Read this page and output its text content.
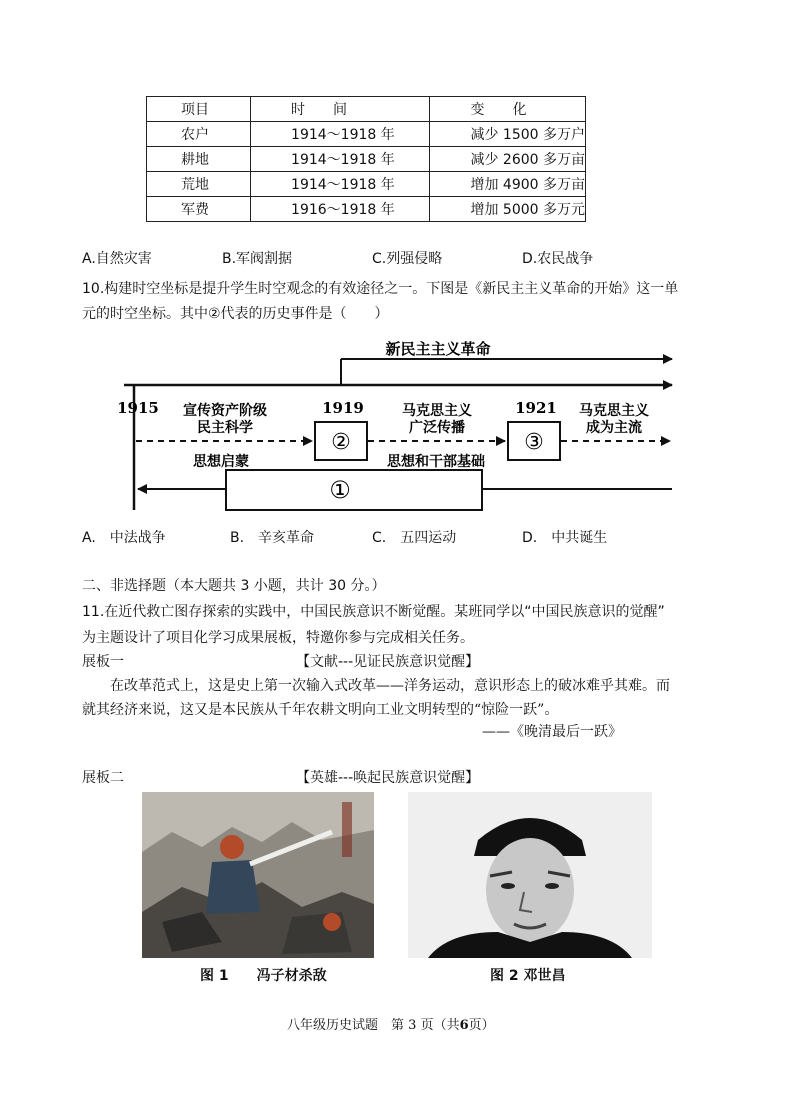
项目	时　　间	变　　化
农户	1914～1918 年	减少 1500 多万户
耕地	1914～1918 年	减少 2600 多万亩
荒地	1914～1918 年	增加 4900 多万亩
军费	1916～1918 年	增加 5000 多万元
A.自然灾害	B.军阀割据	C.列强侵略	D.农民战争
10.构建时空坐标是提升学生时空观念的有效途径之一。下图是《新民主主义革命的开始》这一单
元的时空坐标。其中②代表的历史事件是（　　）
新民主主义革命
1915	1919	1921
宣传资产阶级
民主科学
马克思主义
广泛传播
马克思主义
成为主流
②	③
①
思想启蒙	思想和干部基础
A.　中法战争	B.　辛亥革命	C.　五四运动	D.　中共诞生
二、非选择题（本大题共 3 小题，共计 30 分。）
11.在近代救亡图存探索的实践中，中国民族意识不断觉醒。某班同学以“中国民族意识的觉醒”
为主题设计了项目化学习成果展板，特邀你参与完成相关任务。
展板一	【文献---见证民族意识觉醒】
在改革范式上，这是史上第一次输入式改革——洋务运动，意识形态上的破冰难乎其难。而
就其经济来说，这又是本民族从千年农耕文明向工业文明转型的“惊险一跃”。
——《晚清最后一跃》
展板二	【英雄---唤起民族意识觉醒】
图 1　　冯子材杀敌	图 2 邓世昌
八年级历史试题　第 3 页（共6页）
